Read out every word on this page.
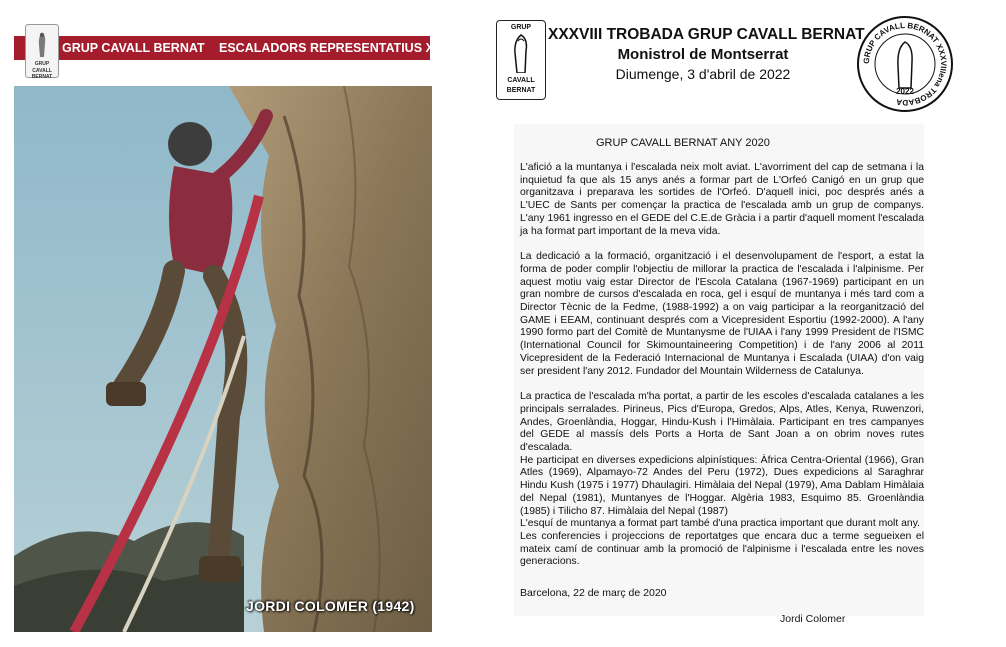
GRUP CAVALL BERNAT ESCALADORS REPRESENTATIUS XXIV
GRUP
CAVALL BERNAT
JORDI COLOMER (1942)
GRUP
CAVALL
BERNAT
XXXVIII TROBADA GRUP CAVALL BERNAT
Monistrol de Montserrat
Diumenge, 3 d'abril de 2022
GRUP CAVALL BERNAT XXXVIIIena TROBADA
2022
GRUP CAVALL BERNAT ANY 2020

L'afició a la muntanya i l'escalada neix molt aviat. L'avorriment del cap de setmana i la inquietud fa que als 15 anys anés a formar part de L'Orfeó Canigó en un grup que organitzava i preparava les sortides de l'Orfeó. D'aquell inici, poc després anés a L'UEC de Sants per començar la practica de l'escalada amb un grup de companys. L'any 1961 ingresso en el GEDE del C.E.de Gràcia i a partir d'aquell moment l'escalada ja ha format part important de la meva vida.

La dedicació a la formació, organització i el desenvolupament de l'esport, a estat la forma de poder complir l'objectiu de millorar la practica de l'escalada i l'alpinisme. Per aquest motiu vaig estar Director de l'Escola Catalana (1967-1969) participant en un gran nombre de cursos d'escalada en roca, gel i esquí de muntanya i més tard com a Director Tècnic de la Fedme, (1988-1992) a on vaig participar a la reorganització del GAME i EEAM, continuant després com a Vicepresident Esportiu (1992-2000). A l'any 1990 formo part del Comitè de Muntanysme de l'UIAA i l'any 1999 President de l'ISMC (International Council for Skimountaineering Competition) i de l'any 2006 al 2011 Vicepresident de la Federació Internacional de Muntanya i Escalada (UIAA) d'on vaig ser president l'any 2012. Fundador del Mountain Wilderness de Catalunya.

La practica de l'escalada m'ha portat, a partir de les escoles d'escalada catalanes a les principals serralades. Pirineus, Pics d'Europa, Gredos, Alps, Atles, Kenya, Ruwenzori, Andes, Groenlàndia, Hoggar, Hindu-Kush i l'Himàlaia. Participant en tres campanyes del GEDE al massís dels Ports a Horta de Sant Joan a on obrim noves rutes d'escalada.

He participat en diverses expedicions alpinístiques: Àfrica Centra-Oriental (1966), Gran Atles (1969), Alpamayo-72 Andes del Peru (1972), Dues expedicions al Saraghrar Hindu Kush (1975 i 1977) Dhaulagiri. Himàlaia del Nepal (1979), Ama Dablam Himàlaia del Nepal (1981), Muntanyes de l'Hoggar. Algèria 1983, Esquimo 85. Groenlàndia (1985) i Tilicho 87. Himàlaia del Nepal (1987)

L'esquí de muntanya a format part també d'una practica important que durant molt any.

Les conferencies i projeccions de reportatges que encara duc a terme segueixen el mateix camí de continuar amb la promoció de l'alpinisme i l'escalada entre les noves generacions.

Barcelona, 22 de març de 2020
Jordi Colomer
